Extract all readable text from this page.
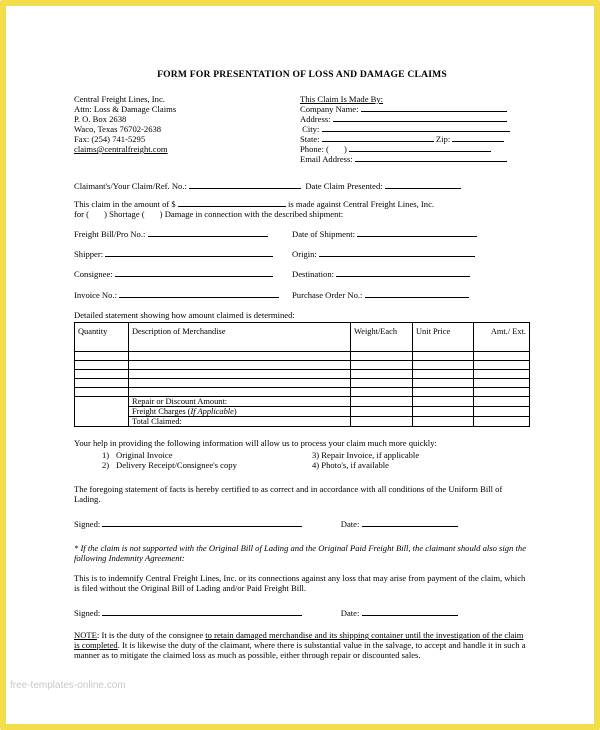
FORM FOR PRESENTATION OF LOSS AND DAMAGE CLAIMS
Central Freight Lines, Inc.
Attn: Loss & Damage Claims
P. O. Box 2638
Waco, Texas 76702-2638
Fax: (254) 741-5295
claims@centralfreight.com
This Claim Is Made By:
Company Name:
Address:
City:
State:	Zip:
Phone: ( )
Email Address:
Claimant's/Your Claim/Ref. No.:	Date Claim Presented:
This claim in the amount of $	is made against Central Freight Lines, Inc.
for (       ) Shortage (       ) Damage in connection with the described shipment:
Freight Bill/Pro No.:	Date of Shipment:
Shipper:	Origin:
Consignee:	Destination:
Invoice No.:	Purchase Order No.:
Detailed statement showing how amount claimed is determined:
Quantity	Description of Merchandise	Weight/Each	Unit Price	Amt./ Ext.

	Repair or Discount Amount:			
	Freight Charges (If Applicable)			
	Total Claimed:			
Your help in providing the following information will allow us to process your claim much more quickly:
1) Original Invoice
2) Delivery Receipt/Consignee's copy
3) Repair Invoice, if applicable
4) Photo's, if available
The foregoing statement of facts is hereby certified to as correct and in accordance with all conditions of the Uniform Bill of Lading.
Signed:	Date:
* If the claim is not supported with the Original Bill of Lading and the Original Paid Freight Bill, the claimant should also sign the following Indemnity Agreement:
This is to indemnify Central Freight Lines, Inc. or its connections against any loss that may arise from payment of the claim, which is filed without the Original Bill of Lading and/or Paid Freight Bill.
Signed:	Date:
NOTE: It is the duty of the consignee to retain damaged merchandise and its shipping container until the investigation of the claim is completed. It is likewise the duty of the claimant, where there is substantial value in the salvage, to accept and handle it in such a manner as to mitigate the claimed loss as much as possible, either through repair or discounted sales.
free-templates-online.com
